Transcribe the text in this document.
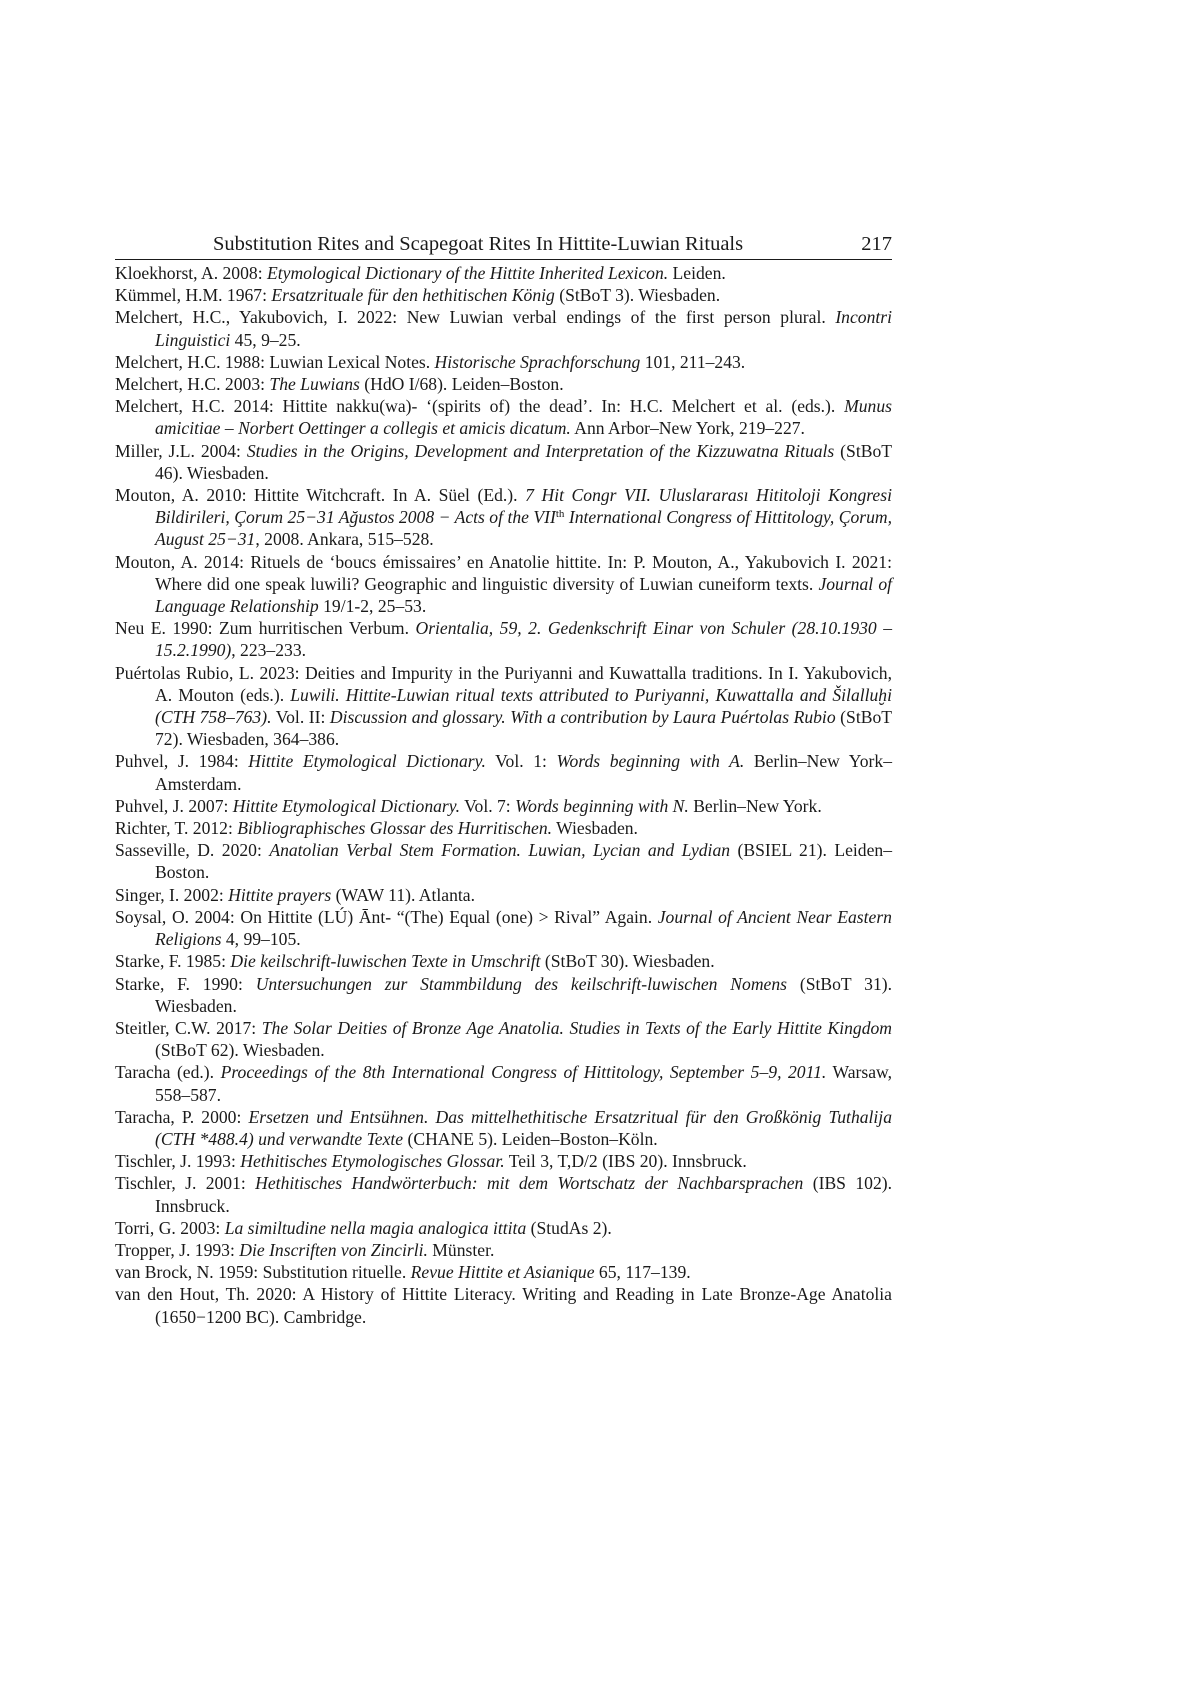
Substitution Rites and Scapegoat Rites In Hittite-Luwian Rituals	217

Kloekhorst, A. 2008: Etymological Dictionary of the Hittite Inherited Lexicon. Leiden.

Kümmel, H.M. 1967: Ersatzrituale für den hethitischen König (StBoT 3). Wiesbaden.

Melchert, H.C., Yakubovich, I. 2022: New Luwian verbal endings of the first person plural. Incontri Linguistici 45, 9–25.

Melchert, H.C. 1988: Luwian Lexical Notes. Historische Sprachforschung 101, 211–243.

Melchert, H.C. 2003: The Luwians (HdO I/68). Leiden–Boston.

Melchert, H.C. 2014: Hittite nakku(wa)- ‘(spirits of) the dead’. In: H.C. Melchert et al. (eds.). Munus amicitiae – Norbert Oettinger a collegis et amicis dicatum. Ann Arbor–New York, 219–227.

Miller, J.L. 2004: Studies in the Origins, Development and Interpretation of the Kizzuwatna Rituals (StBoT 46). Wiesbaden.

Mouton, A. 2010: Hittite Witchcraft. In A. Süel (Ed.). 7 Hit Congr VII. Uluslararası Hititoloji Kongresi Bildirileri, Çorum 25−31 Ağustos 2008 − Acts of the VIIth International Congress of Hittitology, Çorum, August 25−31, 2008. Ankara, 515–528.

Mouton, A. 2014: Rituels de ‘boucs émissaires’ en Anatolie hittite. In: P. Mouton, A., Yakubovich I. 2021: Where did one speak luwili? Geographic and linguistic diversity of Luwian cuneiform texts. Journal of Language Relationship 19/1-2, 25–53.

Neu E. 1990: Zum hurritischen Verbum. Orientalia, 59, 2. Gedenkschrift Einar von Schuler (28.10.1930 – 15.2.1990), 223–233.

Puértolas Rubio, L. 2023: Deities and Impurity in the Puriyanni and Kuwattalla traditions. In I. Yakubovich, A. Mouton (eds.). Luwili. Hittite-Luwian ritual texts attributed to Puriyanni, Kuwattalla and Šilalluḫi (CTH 758–763). Vol. II: Discussion and glossary. With a contribution by Laura Puértolas Rubio (StBoT 72). Wiesbaden, 364–386.

Puhvel, J. 1984: Hittite Etymological Dictionary. Vol. 1: Words beginning with A. Berlin–New York–Amsterdam.

Puhvel, J. 2007: Hittite Etymological Dictionary. Vol. 7: Words beginning with N. Berlin–New York.

Richter, T. 2012: Bibliographisches Glossar des Hurritischen. Wiesbaden.

Sasseville, D. 2020: Anatolian Verbal Stem Formation. Luwian, Lycian and Lydian (BSIEL 21). Leiden–Boston.

Singer, I. 2002: Hittite prayers (WAW 11). Atlanta.

Soysal, O. 2004: On Hittite (LÚ) Ānt- “(The) Equal (one) > Rival” Again. Journal of Ancient Near Eastern Religions 4, 99–105.

Starke, F. 1985: Die keilschrift-luwischen Texte in Umschrift (StBoT 30). Wiesbaden.

Starke, F. 1990: Untersuchungen zur Stammbildung des keilschrift-luwischen Nomens (StBoT 31). Wiesbaden.

Steitler, C.W. 2017: The Solar Deities of Bronze Age Anatolia. Studies in Texts of the Early Hittite Kingdom (StBoT 62). Wiesbaden.

Taracha (ed.). Proceedings of the 8th International Congress of Hittitology, September 5–9, 2011. Warsaw, 558–587.

Taracha, P. 2000: Ersetzen und Entsühnen. Das mittelhethitische Ersatzritual für den Großkönig Tuthalija (CTH *488.4) und verwandte Texte (CHANE 5). Leiden–Boston–Köln.

Tischler, J. 1993: Hethitisches Etymologisches Glossar. Teil 3, T,D/2 (IBS 20). Innsbruck.

Tischler, J. 2001: Hethitisches Handwörterbuch: mit dem Wortschatz der Nachbarsprachen (IBS 102). Innsbruck.

Torri, G. 2003: La similtudine nella magia analogica ittita (StudAs 2).

Tropper, J. 1993: Die Inscriften von Zincirli. Münster.

van Brock, N. 1959: Substitution rituelle. Revue Hittite et Asianique 65, 117–139.

van den Hout, Th. 2020: A History of Hittite Literacy. Writing and Reading in Late Bronze-Age Anatolia (1650−1200 BC). Cambridge.
